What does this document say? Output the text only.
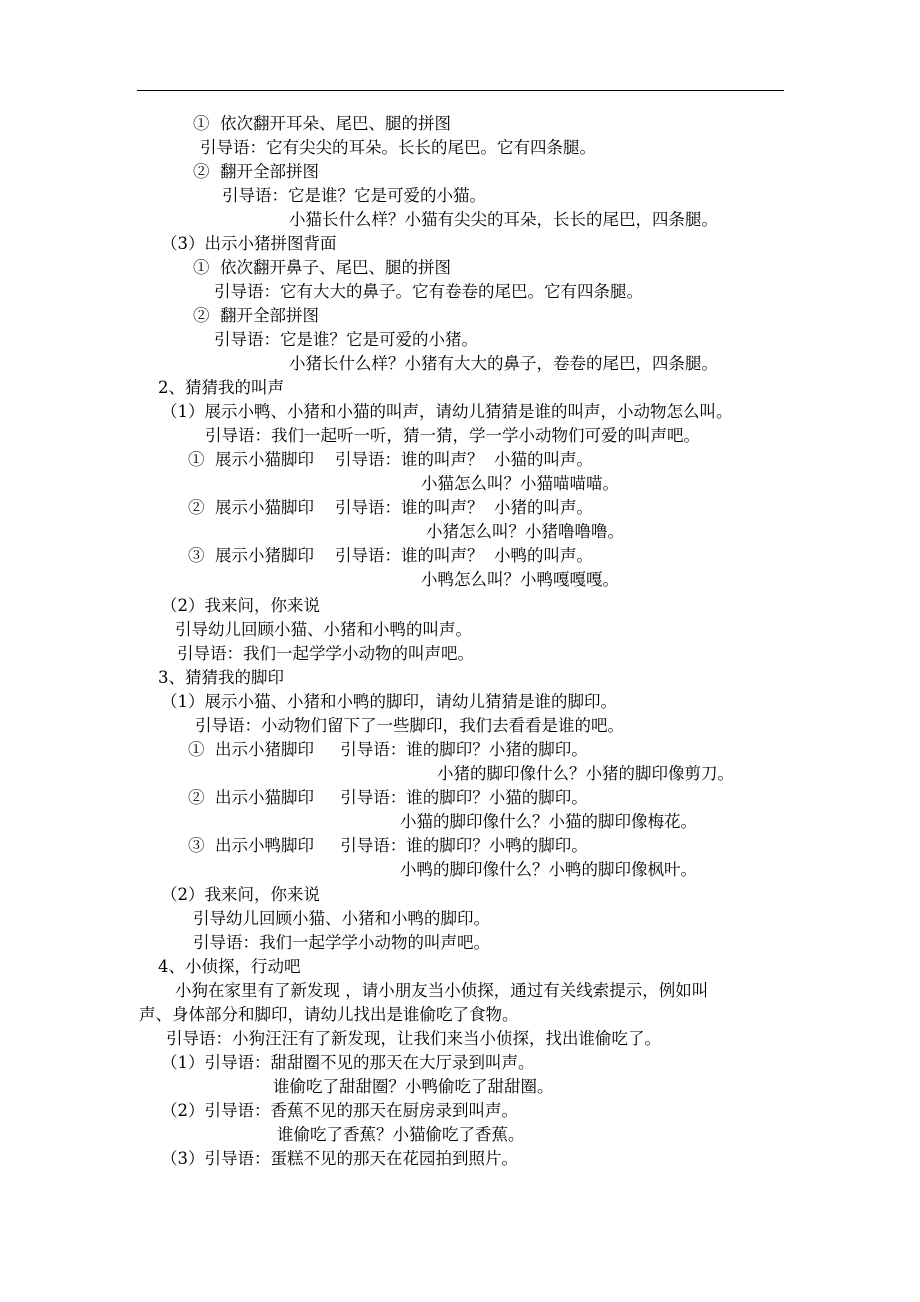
①  依次翻开耳朵、尾巴、腿的拼图
引导语：它有尖尖的耳朵。长长的尾巴。它有四条腿。
②  翻开全部拼图
引导语：它是谁？它是可爱的小猫。
小猫长什么样？小猫有尖尖的耳朵，长长的尾巴，四条腿。
（3）出示小猪拼图背面
①  依次翻开鼻子、尾巴、腿的拼图
引导语：它有大大的鼻子。它有卷卷的尾巴。它有四条腿。
②  翻开全部拼图
引导语：它是谁？它是可爱的小猪。
小猪长什么样？小猪有大大的鼻子，卷卷的尾巴，四条腿。
2、猜猜我的叫声
（1）展示小鸭、小猪和小猫的叫声，请幼儿猜猜是谁的叫声，小动物怎么叫。
引导语：我们一起听一听，猜一猜，学一学小动物们可爱的叫声吧。
①  展示小猫脚印    引导语：谁的叫声？  小猫的叫声。
小猫怎么叫？小猫喵喵喵。
②  展示小猫脚印    引导语：谁的叫声？  小猪的叫声。
小猪怎么叫？小猪噜噜噜。
③  展示小猪脚印    引导语：谁的叫声？  小鸭的叫声。
小鸭怎么叫？小鸭嘎嘎嘎。
（2）我来问，你来说
引导幼儿回顾小猫、小猪和小鸭的叫声。
引导语：我们一起学学小动物的叫声吧。
3、猜猜我的脚印
（1）展示小猫、小猪和小鸭的脚印，请幼儿猜猜是谁的脚印。
引导语：小动物们留下了一些脚印，我们去看看是谁的吧。
①  出示小猪脚印     引导语：谁的脚印？小猪的脚印。
小猪的脚印像什么？小猪的脚印像剪刀。
②  出示小猫脚印     引导语：谁的脚印？小猫的脚印。
小猫的脚印像什么？小猫的脚印像梅花。
③  出示小鸭脚印     引导语：谁的脚印？小鸭的脚印。
小鸭的脚印像什么？小鸭的脚印像枫叶。
（2）我来问，你来说
引导幼儿回顾小猫、小猪和小鸭的脚印。
引导语：我们一起学学小动物的叫声吧。
4、小侦探，行动吧
小狗在家里有了新发现 ，请小朋友当小侦探，通过有关线索提示，例如叫
声、身体部分和脚印，请幼儿找出是谁偷吃了食物。
引导语：小狗汪汪有了新发现，让我们来当小侦探，找出谁偷吃了。
（1）引导语：甜甜圈不见的那天在大厅录到叫声。
谁偷吃了甜甜圈？小鸭偷吃了甜甜圈。
（2）引导语：香蕉不见的那天在厨房录到叫声。
谁偷吃了香蕉？小猫偷吃了香蕉。
（3）引导语：蛋糕不见的那天在花园拍到照片。
